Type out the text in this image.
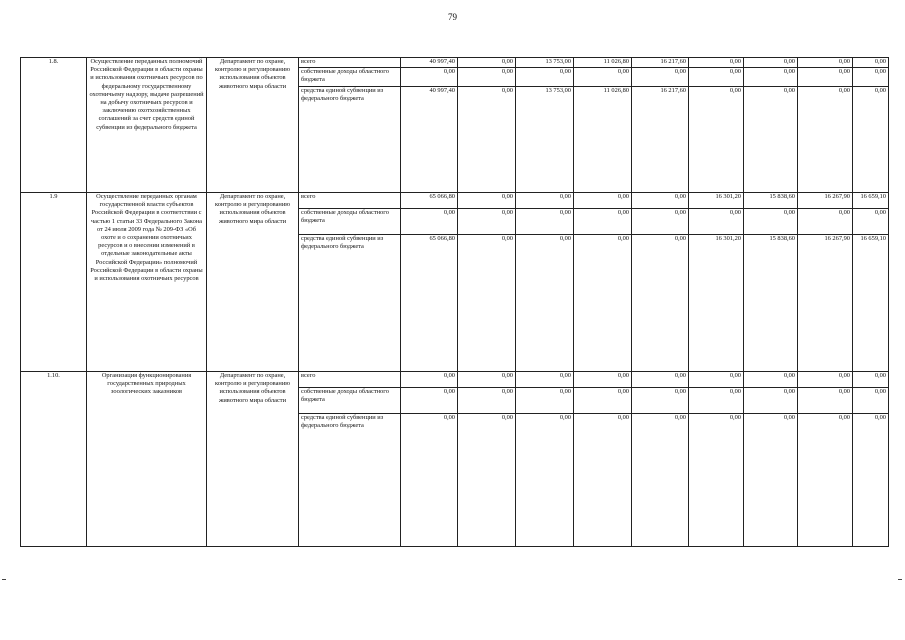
79
1.8.	Осуществление переданных полномочий Российской Федерации в области охраны и использования охотничьих ресурсов по федеральному государственному охотничьему надзору, выдаче разрешений на добычу охотничьих ресурсов и заключению охотхозяйственных соглашений за счет средств единой субвенции из федерального бюджета	Департамент по охране, контролю и регулированию использования объектов животного мира области	всего	40 997,40	0,00	13 753,00	11 026,80	16 217,60	0,00	0,00	0,00	0,00
			собственные доходы областного бюджета	0,00	0,00	0,00	0,00	0,00	0,00	0,00	0,00	0,00
			средства единой субвенции из федерального бюджета	40 997,40	0,00	13 753,00	11 026,80	16 217,60	0,00	0,00	0,00	0,00
1.9	Осуществление переданных органам государственной власти субъектов Российской Федерации в соответствии с частью 1 статьи 33 Федерального Закона от 24 июля 2009 года № 209-ФЗ «Об охоте и о сохранении охотничьих ресурсов и о внесении изменений в отдельные законодательные акты Российской Федерации» полномочий Российской Федерации в области охраны и использования охотничьих ресурсов	Департамент по охране, контролю и регулированию использования объектов животного мира области	всего	65 066,80	0,00	0,00	0,00	0,00	16 301,20	15 838,60	16 267,90	16 659,10
			собственные доходы областного бюджета	0,00	0,00	0,00	0,00	0,00	0,00	0,00	0,00	0,00
			средства единой субвенции из федерального бюджета	65 066,80	0,00	0,00	0,00	0,00	16 301,20	15 838,60	16 267,90	16 659,10
1.10.	Организация функционирования государственных природных зоологических заказников	Департамент по охране, контролю и регулированию использования объектов животного мира области	всего	0,00	0,00	0,00	0,00	0,00	0,00	0,00	0,00	0,00
			собственные доходы областного бюджета	0,00	0,00	0,00	0,00	0,00	0,00	0,00	0,00	0,00
			средства единой субвенции из федерального бюджета	0,00	0,00	0,00	0,00	0,00	0,00	0,00	0,00	0,00
